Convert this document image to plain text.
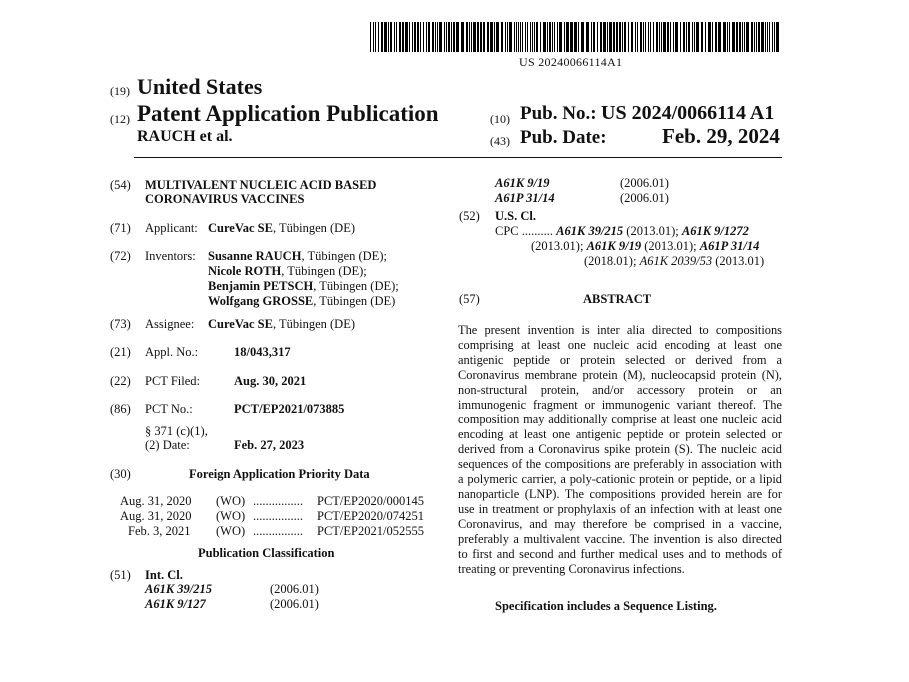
US 20240066114A1
(19) United States
(12) Patent Application Publication	(10) Pub. No.: US 2024/0066114 A1
RAUCH et al.	(43) Pub. Date:	Feb. 29, 2024
(54) MULTIVALENT NUCLEIC ACID BASED
CORONAVIRUS VACCINES
(71) Applicant: CureVac SE, Tübingen (DE)
(72) Inventors: Susanne RAUCH, Tübingen (DE);
Nicole ROTH, Tübingen (DE);
Benjamin PETSCH, Tübingen (DE);
Wolfgang GROSSE, Tübingen (DE)
(73) Assignee: CureVac SE, Tübingen (DE)
(21) Appl. No.:	18/043,317
(22) PCT Filed:	Aug. 30, 2021
(86) PCT No.:	PCT/EP2021/073885
§ 371 (c)(1),
(2) Date:	Feb. 27, 2023
(30)	Foreign Application Priority Data
Aug. 31, 2020 (WO) ................ PCT/EP2020/000145
Aug. 31, 2020 (WO) ................ PCT/EP2020/074251
Feb. 3, 2021 (WO) ................ PCT/EP2021/052555
Publication Classification
(51) Int. Cl.
A61K 39/215	(2006.01)
A61K 9/127	(2006.01)
A61K 9/19	(2006.01)
A61P 31/14	(2006.01)
(52) U.S. Cl.
CPC .......... A61K 39/215 (2013.01); A61K 9/1272
(2013.01); A61K 9/19 (2013.01); A61P 31/14
(2018.01); A61K 2039/53 (2013.01)
(57)	ABSTRACT
The present invention is inter alia directed to compositions comprising at least one nucleic acid encoding at least one antigenic peptide or protein selected or derived from a Coronavirus membrane protein (M), nucleocapsid protein (N), non-structural protein, and/or accessory protein or an immunogenic fragment or immunogenic variant thereof. The composition may additionally comprise at least one nucleic acid encoding at least one antigenic peptide or protein selected or derived from a Coronavirus spike protein (S). The nucleic acid sequences of the compositions are preferably in association with a polymeric carrier, a poly-cationic protein or peptide, or a lipid nanoparticle (LNP). The compositions provided herein are for use in treatment or prophylaxis of an infection with at least one Coronavirus, and may therefore be comprised in a vaccine, preferably a multivalent vaccine. The invention is also directed to first and second and further medical uses and to methods of treating or preventing Coronavirus infections.
Specification includes a Sequence Listing.
